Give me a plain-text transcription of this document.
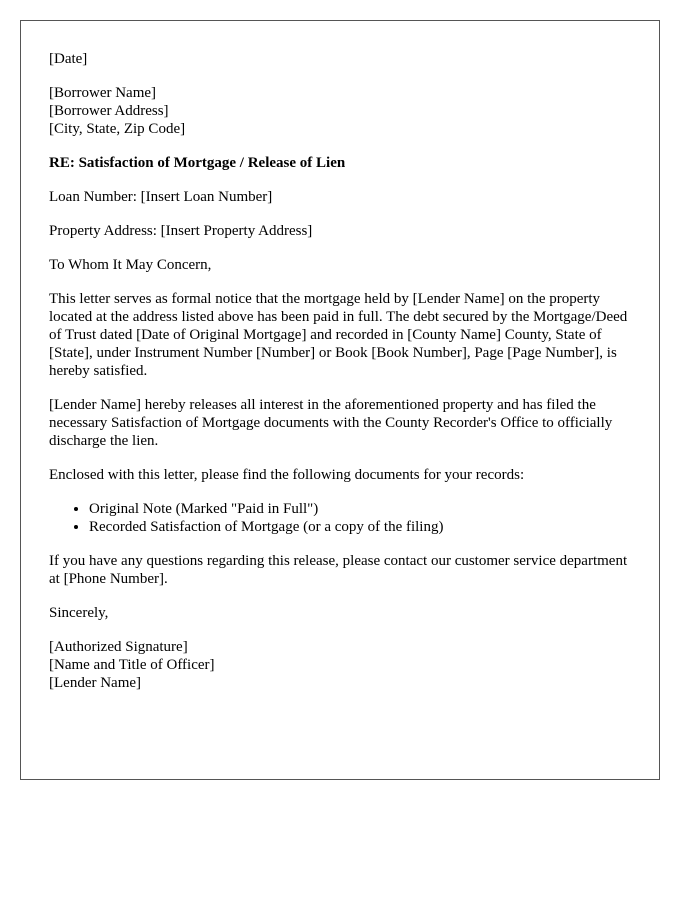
[Date]
[Borrower Name]
[Borrower Address]
[City, State, Zip Code]

RE: Satisfaction of Mortgage / Release of Lien

Loan Number: [Insert Loan Number]

Property Address: [Insert Property Address]

To Whom It May Concern,

This letter serves as formal notice that the mortgage held by [Lender Name] on the property located at the address listed above has been paid in full. The debt secured by the Mortgage/Deed of Trust dated [Date of Original Mortgage] and recorded in [County Name] County, State of [State], under Instrument Number [Number] or Book [Book Number], Page [Page Number], is hereby satisfied.

[Lender Name] hereby releases all interest in the aforementioned property and has filed the necessary Satisfaction of Mortgage documents with the County Recorder's Office to officially discharge the lien.

Enclosed with this letter, please find the following documents for your records:

• Original Note (Marked "Paid in Full")
• Recorded Satisfaction of Mortgage (or a copy of the filing)

If you have any questions regarding this release, please contact our customer service department at [Phone Number].

Sincerely,

[Authorized Signature]
[Name and Title of Officer]
[Lender Name]
